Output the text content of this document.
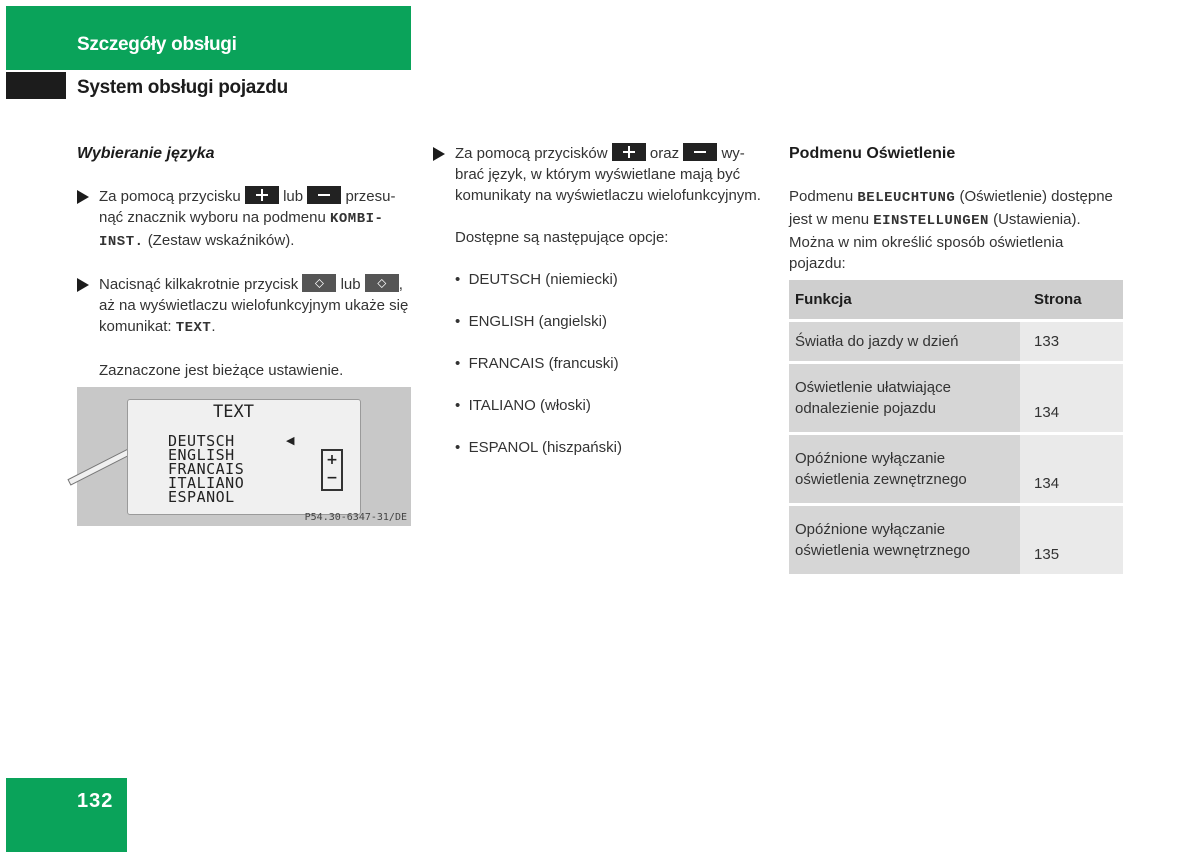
Szczegóły obsługi
System obsługi pojazdu
Wybieranie języka
Za pomocą przycisku	lub	przesu-nąć znacznik wyboru na podmenu KOMBI-INST. (Zestaw wskaźników).
Nacisnąć kilkakrotnie przycisk	⬦︎	lub	⬦︎ , aż na wyświetlaczu wielofunkcyjnym ukaże się komunikat: TEXT.
Zaznaczone jest bieżące ustawienie.
TEXT
DEUTSCH
ENGLISH
FRANCAIS
ITALIANO
ESPANOL
◀
+
−
P54.30-6347-31/DE
Za pomocą przycisków	oraz	wy-brać język, w którym wyświetlane mają być komunikaty na wyświetlaczu wielofunkcyjnym.
Dostępne są następujące opcje:
•  DEUTSCH (niemiecki)
•  ENGLISH (angielski)
•  FRANCAIS (francuski)
•  ITALIANO (włoski)
•  ESPANOL (hiszpański)
Podmenu Oświetlenie
Podmenu BELEUCHTUNG (Oświetlenie) dostępne jest w menu EINSTELLUNGEN (Ustawienia). Można w nim określić sposób oświetlenia pojazdu:
Funkcja	Strona
Światła do jazdy w dzień	133

Oświetlenie ułatwiające
odnalezienie pojazdu	134

Opóźnione wyłączanie
oświetlenia zewnętrznego	134

Opóźnione wyłączanie
oświetlenia wewnętrznego	135
132
